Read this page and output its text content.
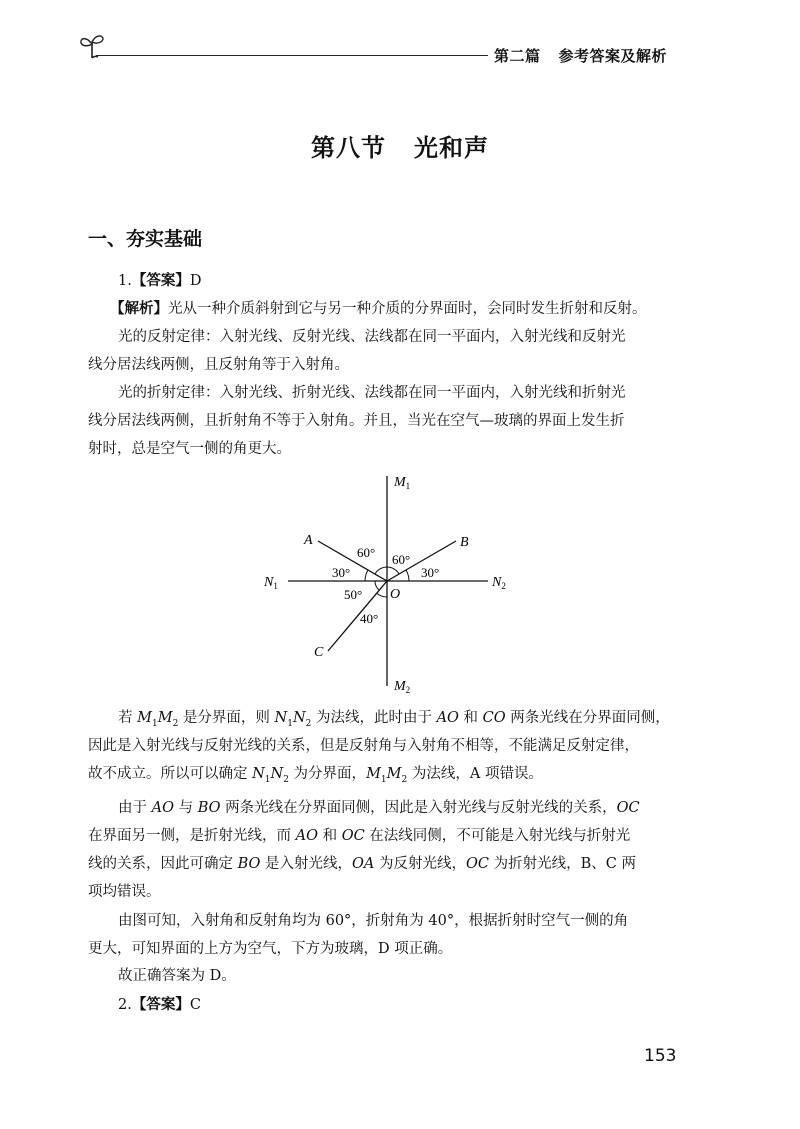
第二篇 参考答案及解析
第八节 光和声
一、夯实基础
1.【答案】D
【解析】光从一种介质斜射到它与另一种介质的分界面时，会同时发生折射和反射。
光的反射定律：入射光线、反射光线、法线都在同一平面内，入射光线和反射光
线分居法线两侧，且反射角等于入射角。
光的折射定律：入射光线、折射光线、法线都在同一平面内，入射光线和折射光
线分居法线两侧，且折射角不等于入射角。并且，当光在空气—玻璃的界面上发生折
射时，总是空气一侧的角更大。
$M_1$
$M_2$
$N_1$	$N_2$
O
A	B
C
60° 60°
30°	30°
50°
40°
若 $M_1M_2$ 是分界面，则 $N_1N_2$ 为法线，此时由于 AO 和 CO 两条光线在分界面同侧，
因此是入射光线与反射光线的关系，但是反射角与入射角不相等，不能满足反射定律，
故不成立。所以可以确定 $N_1N_2$ 为分界面，$M_1M_2$ 为法线，A 项错误。
由于 AO 与 BO 两条光线在分界面同侧，因此是入射光线与反射光线的关系，OC
在界面另一侧，是折射光线，而 AO 和 OC 在法线同侧，不可能是入射光线与折射光
线的关系，因此可确定 BO 是入射光线，OA 为反射光线，OC 为折射光线，B、C 两
项均错误。
由图可知，入射角和反射角均为 60°，折射角为 40°，根据折射时空气一侧的角
更大，可知界面的上方为空气，下方为玻璃，D 项正确。
故正确答案为 D。
2.【答案】C
153
